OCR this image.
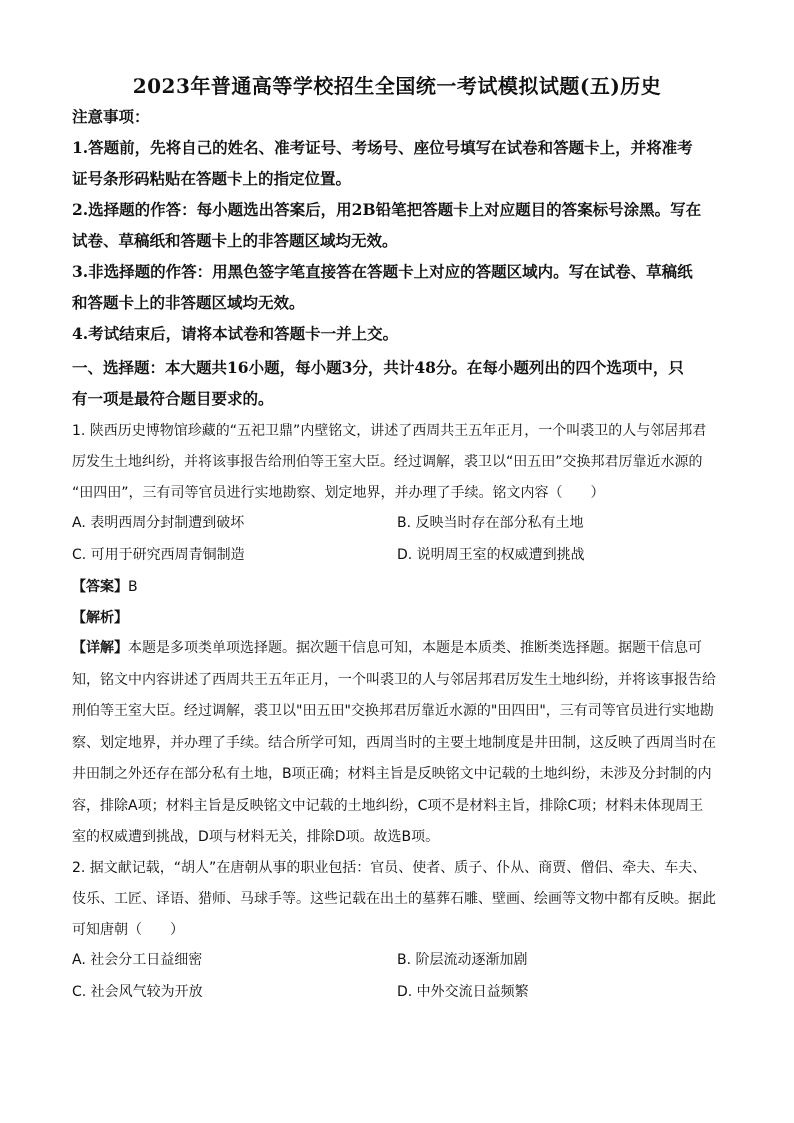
2023年普通高等学校招生全国统一考试模拟试题(五)历史

注意事项：

1.答题前，先将自己的姓名、准考证号、考场号、座位号填写在试卷和答题卡上，并将准考

证号条形码粘贴在答题卡上的指定位置。

2.选择题的作答：每小题选出答案后，用2B铅笔把答题卡上对应题目的答案标号涂黑。写在

试卷、草稿纸和答题卡上的非答题区域均无效。

3.非选择题的作答：用黑色签字笔直接答在答题卡上对应的答题区域内。写在试卷、草稿纸

和答题卡上的非答题区域均无效。

4.考试结束后，请将本试卷和答题卡一并上交。

一、选择题：本大题共16小题，每小题3分，共计48分。在每小题列出的四个选项中，只
有一项是最符合题目要求的。

1. 陕西历史博物馆珍藏的“五祀卫鼎”内壁铭文，讲述了西周共王五年正月，一个叫裘卫的人与邻居邦君

厉发生土地纠纷，并将该事报告给刑伯等王室大臣。经过调解，裘卫以“田五田”交换邦君厉靠近水源的

“田四田”，三有司等官员进行实地勘察、划定地界，并办理了手续。铭文内容（　　）

A. 表明西周分封制遭到破坏	B. 反映当时存在部分私有土地
C. 可用于研究西周青铜制造	D. 说明周王室的权威遭到挑战
【答案】B
【解析】

【详解】本题是多项类单项选择题。据次题干信息可知，本题是本质类、推断类选择题。据题干信息可

知，铭文中内容讲述了西周共王五年正月，一个叫裘卫的人与邻居邦君厉发生土地纠纷，并将该事报告给

刑伯等王室大臣。经过调解，裘卫以"田五田"交换邦君厉靠近水源的"田四田"，三有司等官员进行实地勘

察、划定地界，并办理了手续。结合所学可知，西周当时的主要土地制度是井田制，这反映了西周当时在

井田制之外还存在部分私有土地，B项正确；材料主旨是反映铭文中记载的土地纠纷，未涉及分封制的内

容，排除A项；材料主旨是反映铭文中记载的土地纠纷，C项不是材料主旨，排除C项；材料未体现周王

室的权威遭到挑战，D项与材料无关，排除D项。故选B项。

2. 据文献记载，“胡人”在唐朝从事的职业包括：官员、使者、质子、仆从、商贾、僧侣、牵夫、车夫、

伎乐、工匠、译语、猎师、马球手等。这些记载在出土的墓葬石雕、壁画、绘画等文物中都有反映。据此

可知唐朝（　　）

A. 社会分工日益细密	B. 阶层流动逐渐加剧
C. 社会风气较为开放	D. 中外交流日益频繁
